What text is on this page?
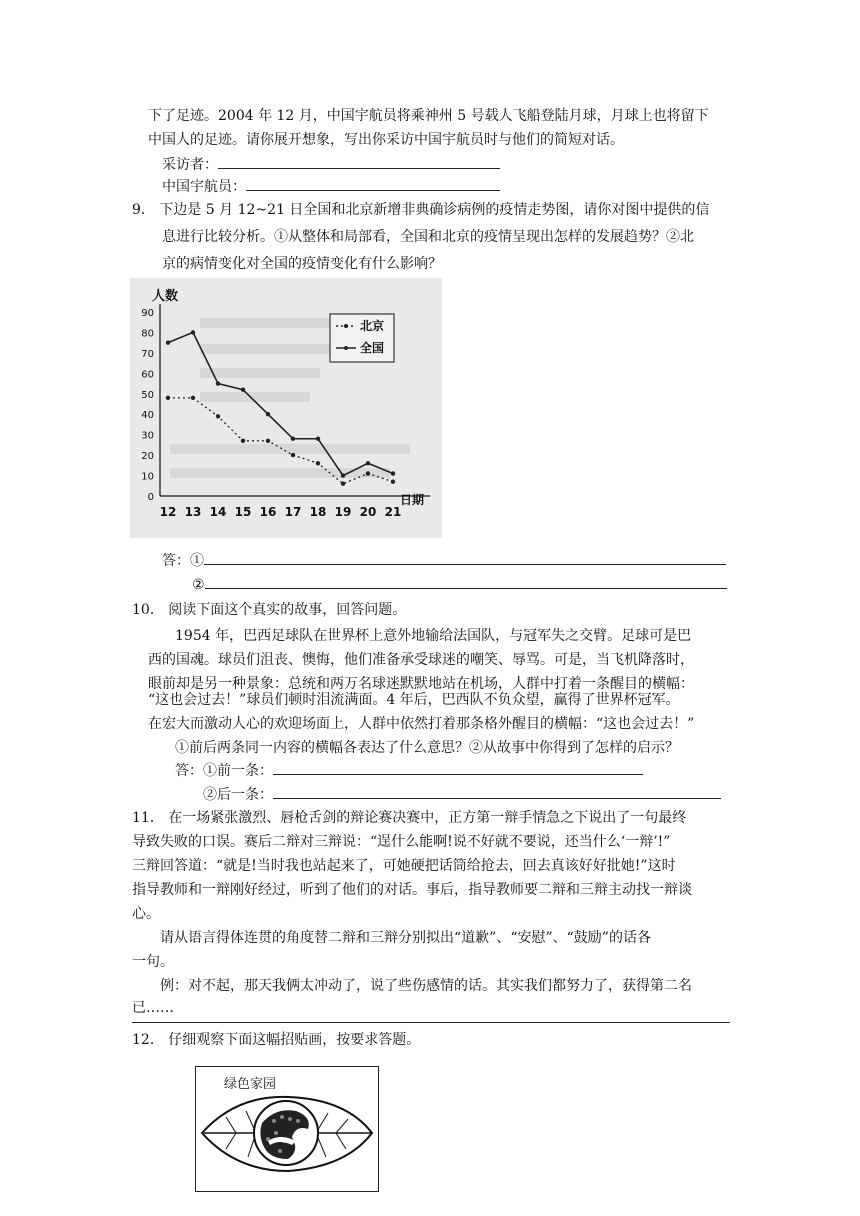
下了足迹。2004 年 12 月，中国宇航员将乘神州 5 号载人飞船登陆月球，月球上也将留下
中国人的足迹。请你展开想象，写出你采访中国宇航员时与他们的简短对话。
采访者：
中国宇航员：
9． 下边是 5 月 12~21 日全国和北京新增非典确诊病例的疫情走势图，请你对图中提供的信
息进行比较分析。①从整体和局部看，全国和北京的疫情呈现出怎样的发展趋势？②北
京的病情变化对全国的疫情变化有什么影响？
0
10
20
30
40
50
60
70
80
90
12 13 14 15 16 17 18 19 20 21
北京
全国
人数
日期
答：①
②
10． 阅读下面这个真实的故事，回答问题。
1954 年，巴西足球队在世界杯上意外地输给法国队，与冠军失之交臂。足球可是巴
西的国魂。球员们沮丧、懊悔，他们准备承受球迷的嘲笑、辱骂。可是，当飞机降落时，
眼前却是另一种景象：总统和两万名球迷默默地站在机场，人群中打着一条醒目的横幅：
“这也会过去！”球员们顿时泪流满面。4 年后，巴西队不负众望，赢得了世界杯冠军。
在宏大而激动人心的欢迎场面上，人群中依然打着那条格外醒目的横幅：“这也会过去！”
①前后两条同一内容的横幅各表达了什么意思？②从故事中你得到了怎样的启示？
答：①前一条：
②后一条：
11． 在一场紧张激烈、唇枪舌剑的辩论赛决赛中，正方第一辩手情急之下说出了一句最终
导致失败的口误。赛后二辩对三辩说：“逞什么能啊!说不好就不要说，还当什么‘一辩’!”
三辩回答道：“就是!当时我也站起来了，可她硬把话筒给抢去，回去真该好好批她!”这时
指导教师和一辩刚好经过，听到了他们的对话。事后，指导教师要二辩和三辩主动找一辩谈
心。
请从语言得体连贯的角度替二辩和三辩分别拟出“道歉”、“安慰”、“鼓励”的话各
一句。
例：对不起，那天我俩太冲动了，说了些伤感情的话。其实我们都努力了，获得第二名
已……
12． 仔细观察下面这幅招贴画，按要求答题。
绿色家园
